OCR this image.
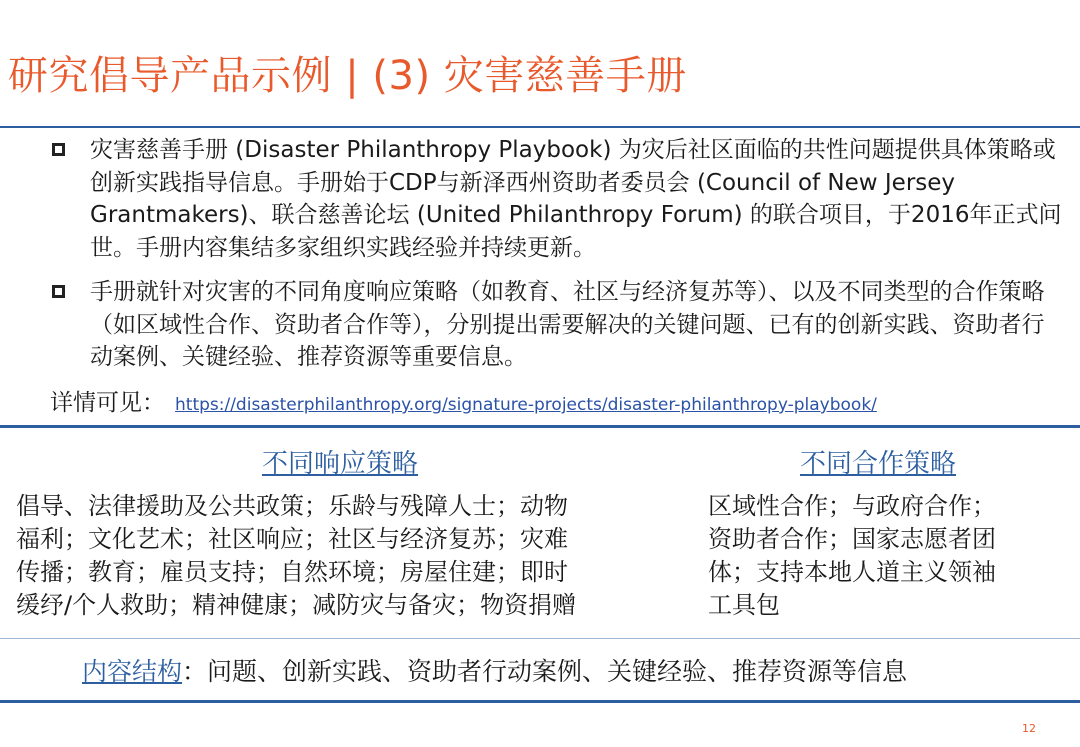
研究倡导产品示例 | (3) 灾害慈善手册
灾害慈善手册 (Disaster Philanthropy Playbook) 为灾后社区面临的共性问题提供具体策略或创新实践指导信息。手册始于CDP与新泽西州资助者委员会 (Council of New Jersey Grantmakers)、联合慈善论坛 (United Philanthropy Forum) 的联合项目，于2016年正式问世。手册内容集结多家组织实践经验并持续更新。
手册就针对灾害的不同角度响应策略（如教育、社区与经济复苏等）、以及不同类型的合作策略（如区域性合作、资助者合作等），分别提出需要解决的关键问题、已有的创新实践、资助者行动案例、关键经验、推荐资源等重要信息。
详情可见： https://disasterphilanthropy.org/signature-projects/disaster-philanthropy-playbook/
不同响应策略	不同合作策略
倡导、法律援助及公共政策；乐龄与残障人士；动物
福利；文化艺术；社区响应；社区与经济复苏；灾难
传播；教育；雇员支持；自然环境；房屋住建；即时
缓纾/个人救助；精神健康；减防灾与备灾；物资捐赠
区域性合作；与政府合作；
资助者合作；国家志愿者团
体；支持本地人道主义领袖
工具包
内容结构：问题、创新实践、资助者行动案例、关键经验、推荐资源等信息
12
